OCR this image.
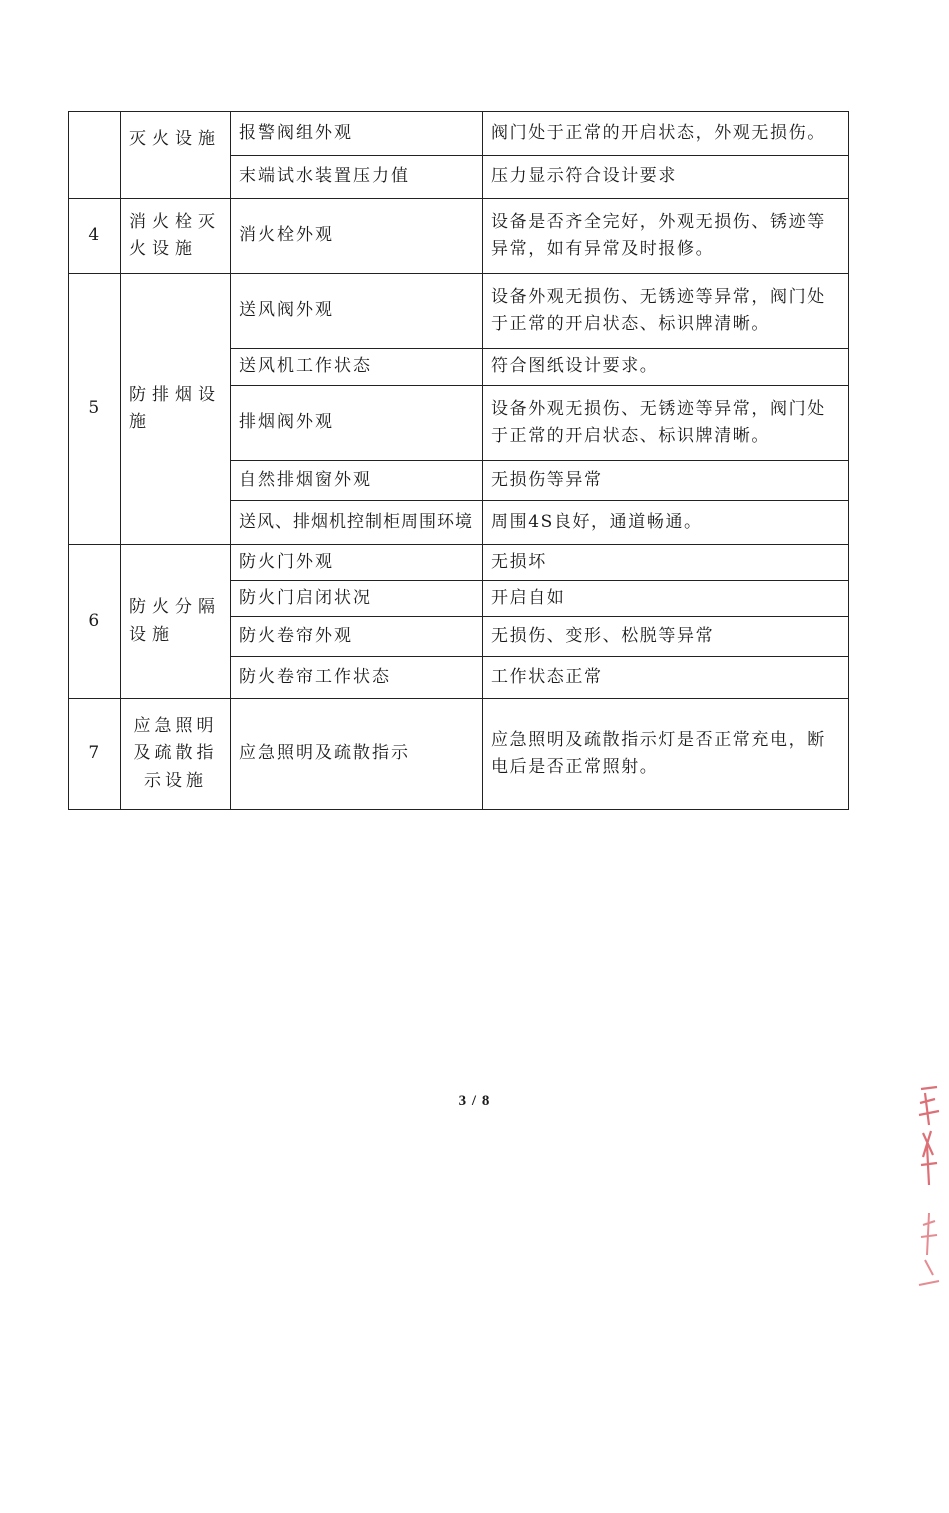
	灭火设施	报警阀组外观	阀门处于正常的开启状态，外观无损伤。
		末端试水装置压力值	压力显示符合设计要求
4	消火栓灭火设施	消火栓外观	设备是否齐全完好，外观无损伤、锈迹等异常，如有异常及时报修。
5	防排烟设施	送风阀外观	设备外观无损伤、无锈迹等异常，阀门处于正常的开启状态、标识牌清晰。
		送风机工作状态	符合图纸设计要求。
		排烟阀外观	设备外观无损伤、无锈迹等异常，阀门处于正常的开启状态、标识牌清晰。
		自然排烟窗外观	无损伤等异常
		送风、排烟机控制柜周围环境	周围4S良好，通道畅通。
6	防火分隔设施	防火门外观	无损坏
		防火门启闭状况	开启自如
		防火卷帘外观	无损伤、变形、松脱等异常
		防火卷帘工作状态	工作状态正常
7	应急照明及疏散指示设施	应急照明及疏散指示	应急照明及疏散指示灯是否正常充电，断电后是否正常照射。
3 / 8
